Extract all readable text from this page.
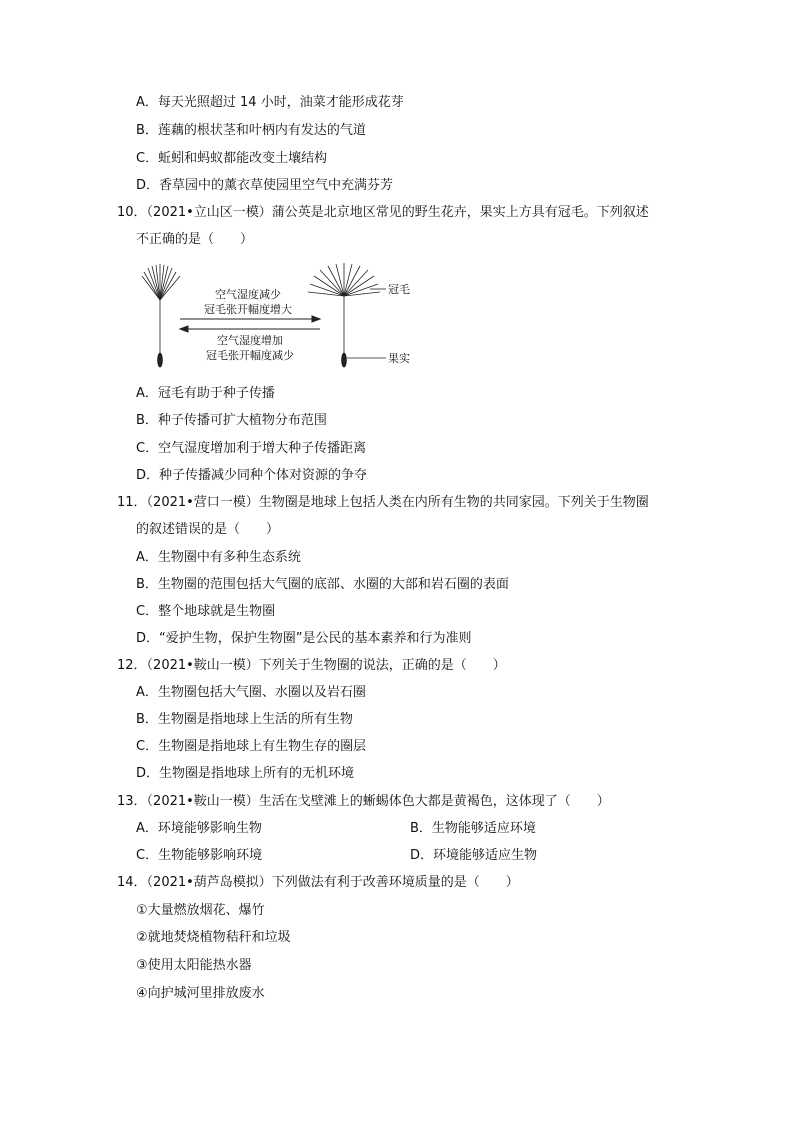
A．每天光照超过 14 小时，油菜才能形成花芽
B．莲藕的根状茎和叶柄内有发达的气道
C．蚯蚓和蚂蚁都能改变土壤结构
D．香草园中的薰衣草使园里空气中充满芬芳
10．（2021•立山区一模）蒲公英是北京地区常见的野生花卉，果实上方具有冠毛。下列叙述
不正确的是（　　）
空气湿度减少
冠毛张开幅度增大
空气湿度增加
冠毛张开幅度减少
冠毛
果实
A．冠毛有助于种子传播
B．种子传播可扩大植物分布范围
C．空气湿度增加利于增大种子传播距离
D．种子传播减少同种个体对资源的争夺
11．（2021•营口一模）生物圈是地球上包括人类在内所有生物的共同家园。下列关于生物圈
的叙述错误的是（　　）
A．生物圈中有多种生态系统
B．生物圈的范围包括大气圈的底部、水圈的大部和岩石圈的表面
C．整个地球就是生物圈
D．“爱护生物，保护生物圈”是公民的基本素养和行为准则
12．（2021•鞍山一模）下列关于生物圈的说法，正确的是（　　）
A．生物圈包括大气圈、水圈以及岩石圈
B．生物圈是指地球上生活的所有生物
C．生物圈是指地球上有生物生存的圈层
D．生物圈是指地球上所有的无机环境
13．（2021•鞍山一模）生活在戈壁滩上的蜥蜴体色大都是黄褐色，这体现了（　　）
A．环境能够影响生物	B．生物能够适应环境
C．生物能够影响环境	D．环境能够适应生物
14．（2021•葫芦岛模拟）下列做法有利于改善环境质量的是（　　）
①大量燃放烟花、爆竹
②就地焚烧植物秸秆和垃圾
③使用太阳能热水器
④向护城河里排放废水
